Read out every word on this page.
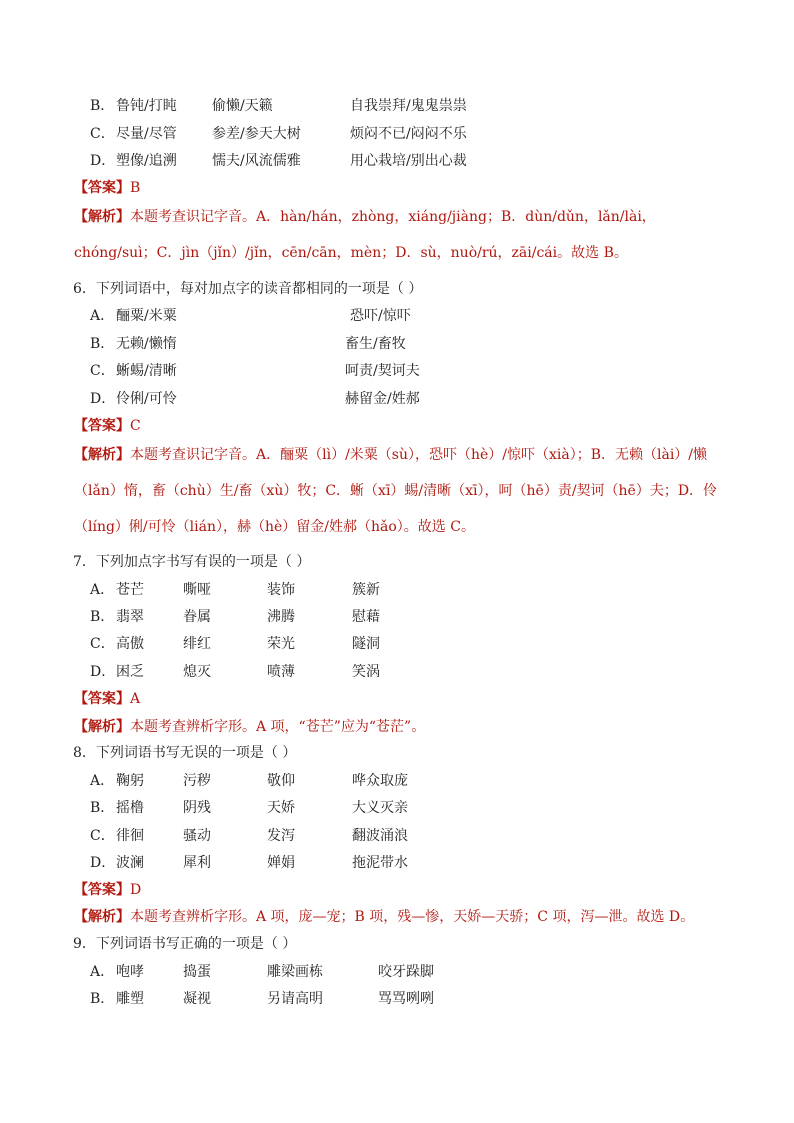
B． 鲁钝/打盹	偷懒/天籁	自我崇拜/鬼鬼祟祟
C． 尽量/尽管	参差/参天大树	烦闷不已/闷闷不乐
D． 塑像/追溯	懦夫/风流儒雅	用心栽培/别出心裁
【答案】B
【解析】本题考查识记字音。A．hàn/hán，zhòng，xiáng/jiàng；B．dùn/dǔn，lǎn/lài，chóng/suì；C．jìn（jǐn）/jǐn，cēn/cān，mèn；D．sù，nuò/rú，zāi/cái。故选 B。
6．下列词语中，每对加点字的读音都相同的一项是（ ）
A． 酾粟/米粟	恐吓/惊吓
B． 无赖/懒惰	畜生/畜牧
C． 蜥蜴/清晰	呵责/契诃夫
D． 伶俐/可怜	赫留金/姓郝
【答案】C
【解析】本题考查识记字音。A．酾粟（lì）/米粟（sù），恐吓（hè）/惊吓（xià）；B．无赖（lài）/懒（lǎn）惰，畜（chù）生/畜（xù）牧；C．蜥（xī）蜴/清晰（xī），呵（hē）责/契诃（hē）夫；D．伶（líng）俐/可怜（lián），赫（hè）留金/姓郝（hǎo）。故选 C。
7．下列加点字书写有误的一项是（ ）
A． 苍芒	嘶哑	装饰	簇新
B． 翡翠	眷属	沸腾	慰藉
C． 高傲	绯红	荣光	隧洞
D． 困乏	熄灭	喷薄	笑涡
【答案】A
【解析】本题考查辨析字形。A 项，“苍芒”应为“苍茫”。
8．下列词语书写无误的一项是（ ）
A． 鞠躬	污秽	敬仰	哗众取庞
B． 摇橹	阴残	天娇	大义灭亲
C． 徘徊	骚动	发泻	翻波涌浪
D． 波澜	犀利	婵娟	拖泥带水
【答案】D
【解析】本题考查辨析字形。A 项，庞—宠；B 项，残—惨，天娇—天骄；C 项，泻—泄。故选 D。
9．下列词语书写正确的一项是（ ）
A． 咆哮	捣蛋	雕梁画栋	咬牙跺脚
B． 雕塑	凝视	另请高明	骂骂咧咧
